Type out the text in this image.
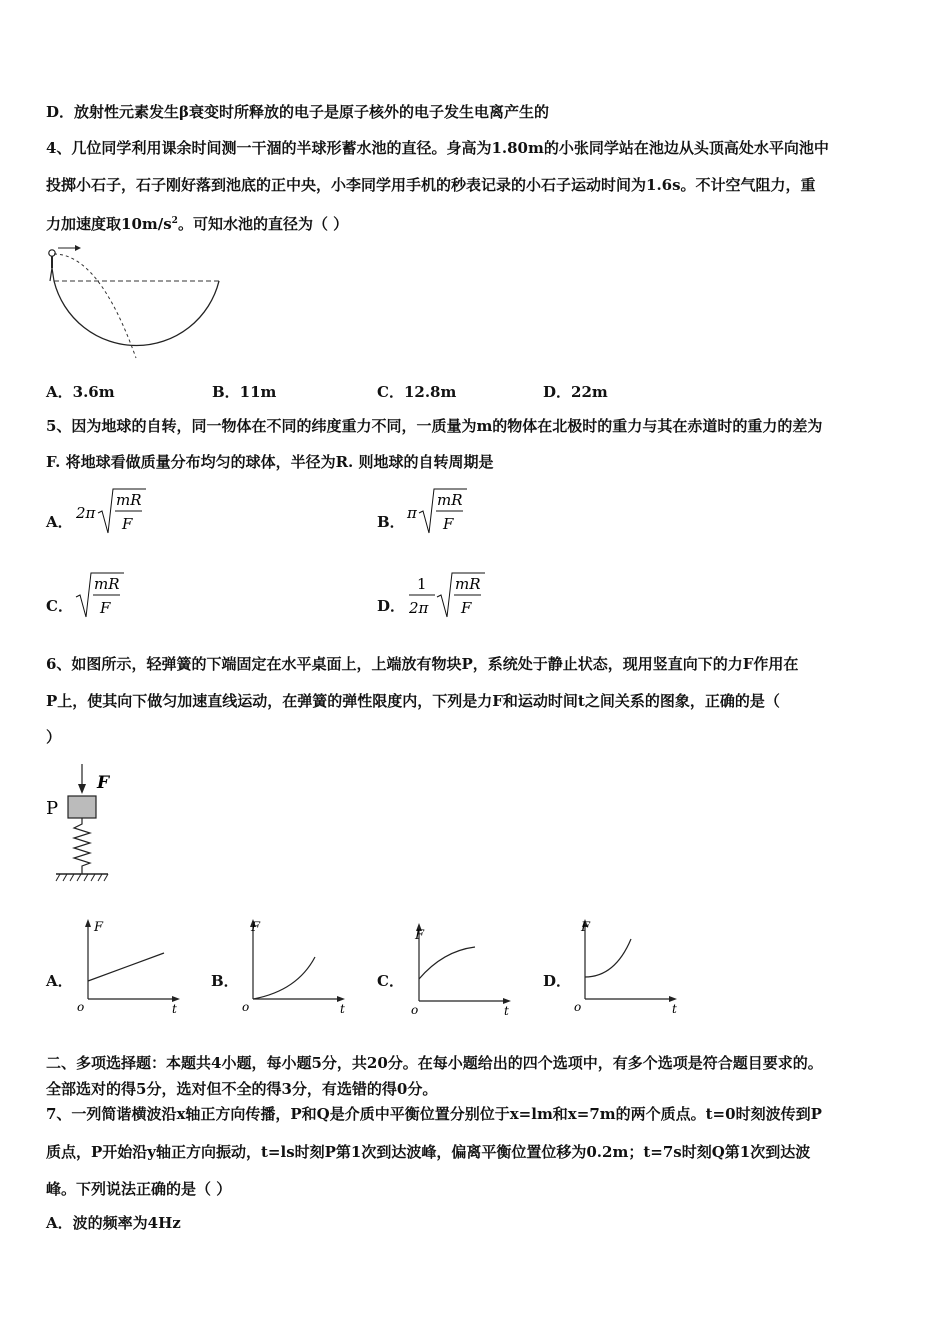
D．放射性元素发生β衰变时所释放的电子是原子核外的电子发生电离产生的
4、几位同学利用课余时间测一干涸的半球形蓄水池的直径。身高为1.80m的小张同学站在池边从头顶高处水平向池中
投掷小石子，石子刚好落到池底的正中央，小李同学用手机的秒表记录的小石子运动时间为1.6s。不计空气阻力，重
力加速度取$10m/s^2$。可知水池的直径为（ ）
A．3.6m	B．11m	C．12.8m	D．22m
5、因为地球的自转，同一物体在不同的纬度重力不同，一质量为m的物体在北极时的重力与其在赤道时的重力的差为
F. 将地球看做质量分布均匀的球体，半径为R. 则地球的自转周期是
A． 2π
mR
F	B． π
mR
F
C．
mR
F	D．
1
2π
mR
F
6、如图所示，轻弹簧的下端固定在水平桌面上，上端放有物块P，系统处于静止状态，现用竖直向下的力F作用在
P上，使其向下做匀加速直线运动，在弹簧的弹性限度内，下列是力F和运动时间t之间关系的图象，正确的是（
）
F
P
A．
F
t
o
B．
F
t
o
C．
F
t
o
D．
F
t
o
二、多项选择题：本题共4小题，每小题5分，共20分。在每小题给出的四个选项中，有多个选项是符合题目要求的。
全部选对的得5分，选对但不全的得3分，有选错的得0分。
7、一列简谐横波沿x轴正方向传播，P和Q是介质中平衡位置分别位于x=lm和x=7m的两个质点。t=0时刻波传到P
质点，P开始沿y轴正方向振动，t=ls时刻P第1次到达波峰，偏离平衡位置位移为0.2m；t=7s时刻Q第1次到达波
峰。下列说法正确的是（ ）
A．波的频率为4Hz
